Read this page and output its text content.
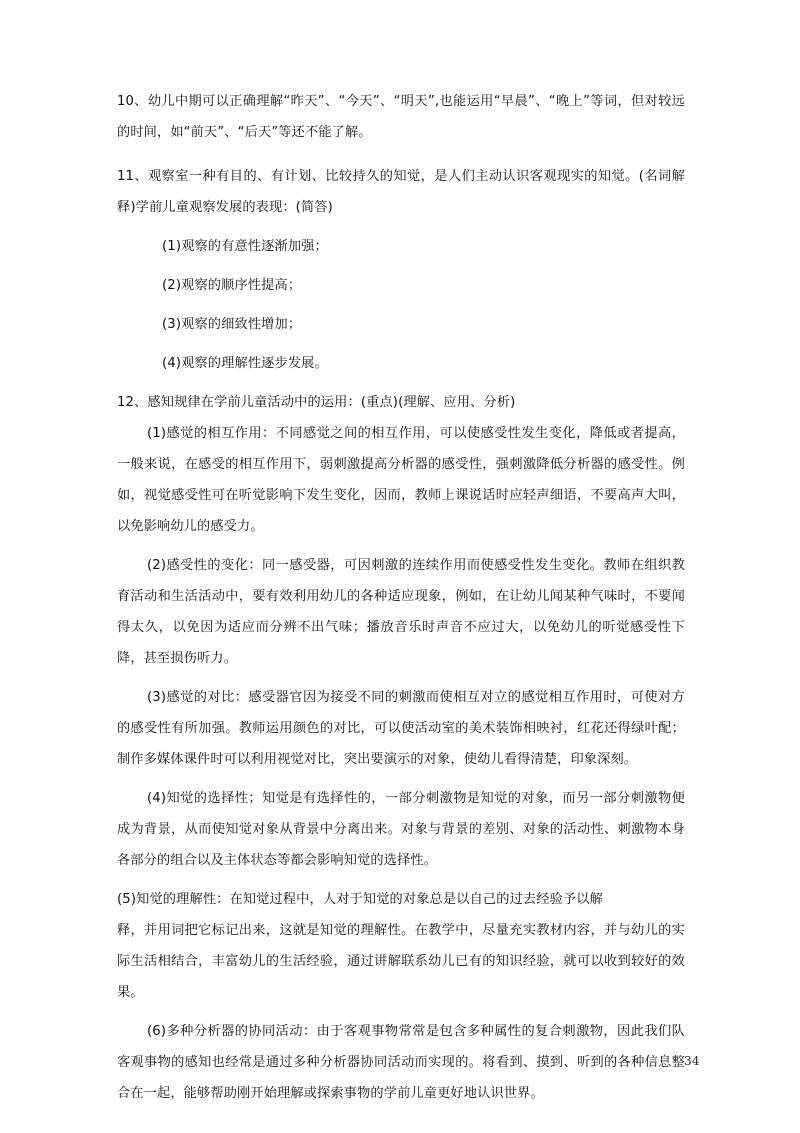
10、幼儿中期可以正确理解“昨天”、“今天”、“明天”,也能运用“早晨”、“晚上”等词，但对较远的时间，如“前天”、“后天”等还不能了解。

11、观察室一种有目的、有计划、比较持久的知觉，是人们主动认识客观现实的知觉。(名词解释)学前儿童观察发展的表现：(简答)

(1)观察的有意性逐渐加强；

(2)观察的顺序性提高；

(3)观察的细致性增加；

(4)观察的理解性逐步发展。

12、感知规律在学前儿童活动中的运用：(重点)(理解、应用、分析)

(1)感觉的相互作用：不同感觉之间的相互作用，可以使感受性发生变化，降低或者提高，一般来说，在感受的相互作用下，弱刺激提高分析器的感受性，强刺激降低分析器的感受性。例如，视觉感受性可在听觉影响下发生变化，因而，教师上课说话时应轻声细语，不要高声大叫，以免影响幼儿的感受力。

(2)感受性的变化：同一感受器，可因刺激的连续作用而使感受性发生变化。教师在组织教育活动和生活活动中，要有效利用幼儿的各种适应现象，例如，在让幼儿闻某种气味时，不要闻得太久，以免因为适应而分辨不出气味；播放音乐时声音不应过大，以免幼儿的听觉感受性下降，甚至损伤听力。

(3)感觉的对比：感受器官因为接受不同的刺激而使相互对立的感觉相互作用时，可使对方的感受性有所加强。教师运用颜色的对比，可以使活动室的美术装饰相映衬，红花还得绿叶配；制作多媒体课件时可以利用视觉对比，突出要演示的对象，使幼儿看得清楚，印象深刻。

(4)知觉的选择性；知觉是有选择性的，一部分刺激物是知觉的对象，而另一部分刺激物便成为背景，从而使知觉对象从背景中分离出来。对象与背景的差别、对象的活动性、刺激物本身各部分的组合以及主体状态等都会影响知觉的选择性。

(5)知觉的理解性：在知觉过程中，人对于知觉的对象总是以自己的过去经验予以解

释，并用词把它标记出来，这就是知觉的理解性。在教学中，尽量充实教材内容，并与幼儿的实际生活相结合，丰富幼儿的生活经验，通过讲解联系幼儿已有的知识经验，就可以收到较好的效果。

(6)多种分析器的协同活动：由于客观事物常常是包含多种属性的复合刺激物，因此我们队客观事物的感知也经常是通过多种分析器协同活动而实现的。将看到、摸到、听到的各种信息整合在一起，能够帮助刚开始理解或探索事物的学前儿童更好地认识世界。

34
